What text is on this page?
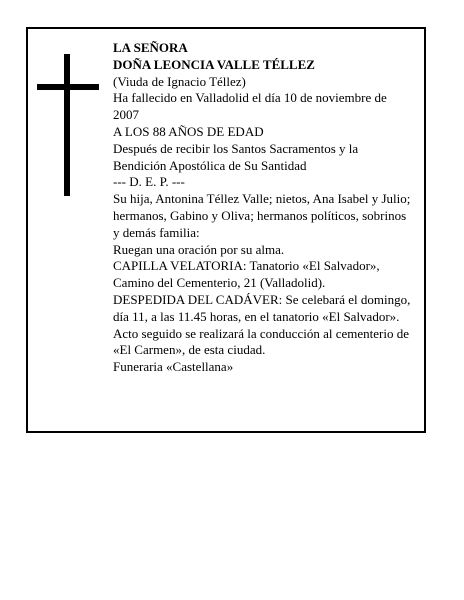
LA SEÑORA

DOÑA LEONCIA VALLE TÉLLEZ

(Viuda de Ignacio Téllez)

Ha fallecido en Valladolid el día 10 de noviembre de 2007

A LOS 88 AÑOS DE EDAD

Después de recibir los Santos Sacramentos y la Bendición Apostólica de Su Santidad

--- D. E. P. ---

Su hija, Antonina Téllez Valle; nietos, Ana Isabel y Julio; hermanos, Gabino y Oliva; hermanos políticos, sobrinos y demás familia:

Ruegan una oración por su alma.

CAPILLA VELATORIA: Tanatorio «El Salvador», Camino del Cementerio, 21 (Valladolid).

DESPEDIDA DEL CADÁVER: Se celebará el domingo, día 11, a las 11.45 horas, en el tanatorio «El Salvador». Acto seguido se realizará la conducción al cementerio de «El Carmen», de esta ciudad.

Funeraria «Castellana»
